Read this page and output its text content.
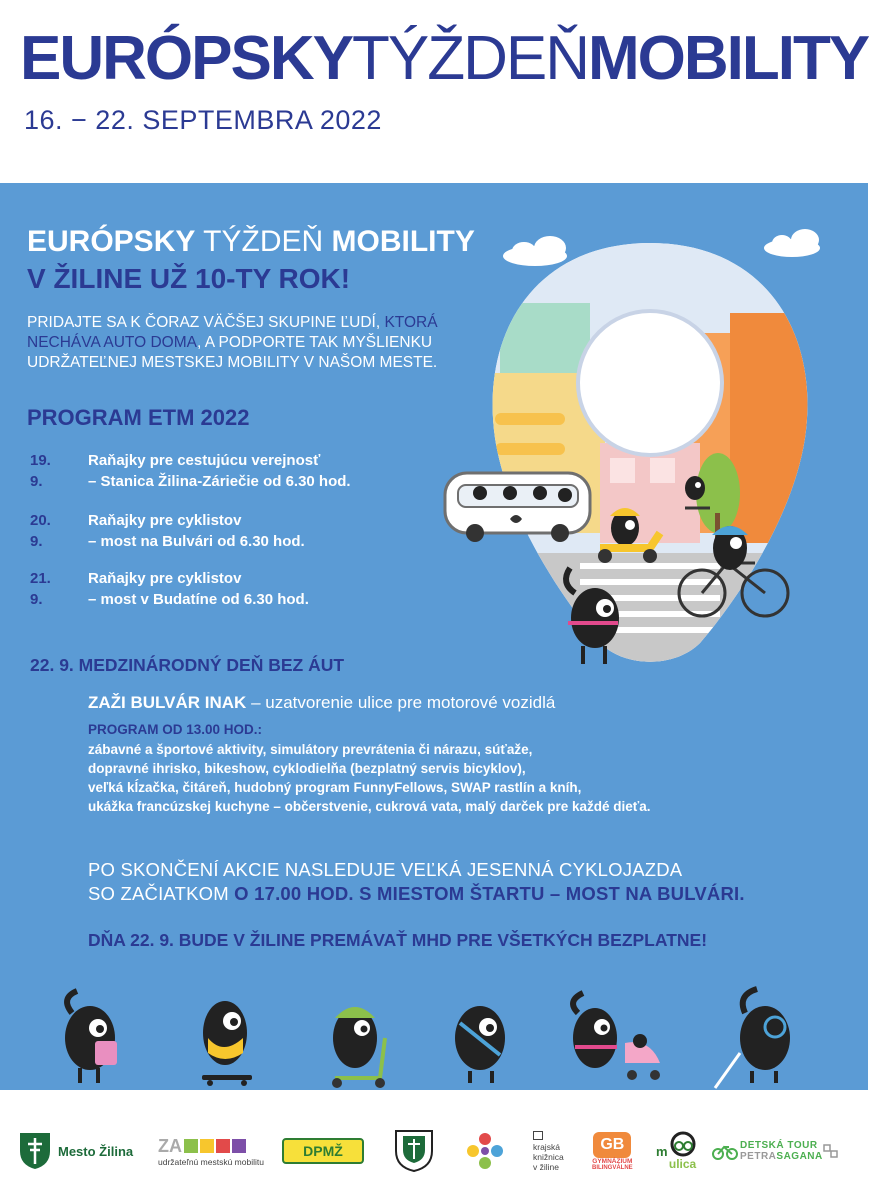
EURÓPSKYTÝŽDEŇMOBILITY
16. − 22. SEPTEMBRA 2022
EURÓPSKY TÝŽDEŇ MOBILITY
V ŽILINE UŽ 10-TY ROK!
PRIDAJTE SA K ČORAZ VÄČŠEJ SKUPINE ĽUDÍ, KTORÁ NECHÁVA AUTO DOMA, A PODPORTE TAK MYŠLIENKU UDRŽATEĽNEJ MESTSKEJ MOBILITY V NAŠOM MESTE.
PROGRAM ETM 2022
19. 9.
Raňajky pre cestujúcu verejnosť
– Stanica Žilina-Záriečie od 6.30 hod.
20. 9.
Raňajky pre cyklistov
– most na Bulvári od 6.30 hod.
21. 9.
Raňajky pre cyklistov
– most v Budatíne od 6.30 hod.
22. 9. MEDZINÁRODNÝ DEŇ BEZ ÁUT
ZAŽI BULVÁR INAK – uzatvorenie ulice pre motorové vozidlá
PROGRAM OD 13.00 HOD.:
zábavné a športové aktivity, simulátory prevrátenia či nárazu, súťaže,
dopravné ihrisko, bikeshow, cyklodielňa (bezplatný servis bicyklov),
veľká kĺzačka, čitáreň, hudobný program FunnyFellows, SWAP rastlín a kníh,
ukážka francúzskej kuchyne – občerstvenie, cukrová vata, malý darček pre každé dieťa.
PO SKONČENÍ AKCIE NASLEDUJE VEĽKÁ JESENNÁ CYKLOJAZDA
SO ZAČIATKOM O 17.00 HOD. S MIESTOM ŠTARTU – MOST NA BULVÁRI.
DŇA 22. 9. BUDE V ŽILINE PREMÁVAŤ MHD PRE VŠETKÝCH BEZPLATNE!
Mesto Žilina ZA
udržateľnú mestskú mobilitu
DPMŽ	krajská
knižnica
v žiline
GB
GYMNÁZIUM
BILINGVÁLNE
m
ulica
DETSKÁ TOUR
PETRASAGANA
